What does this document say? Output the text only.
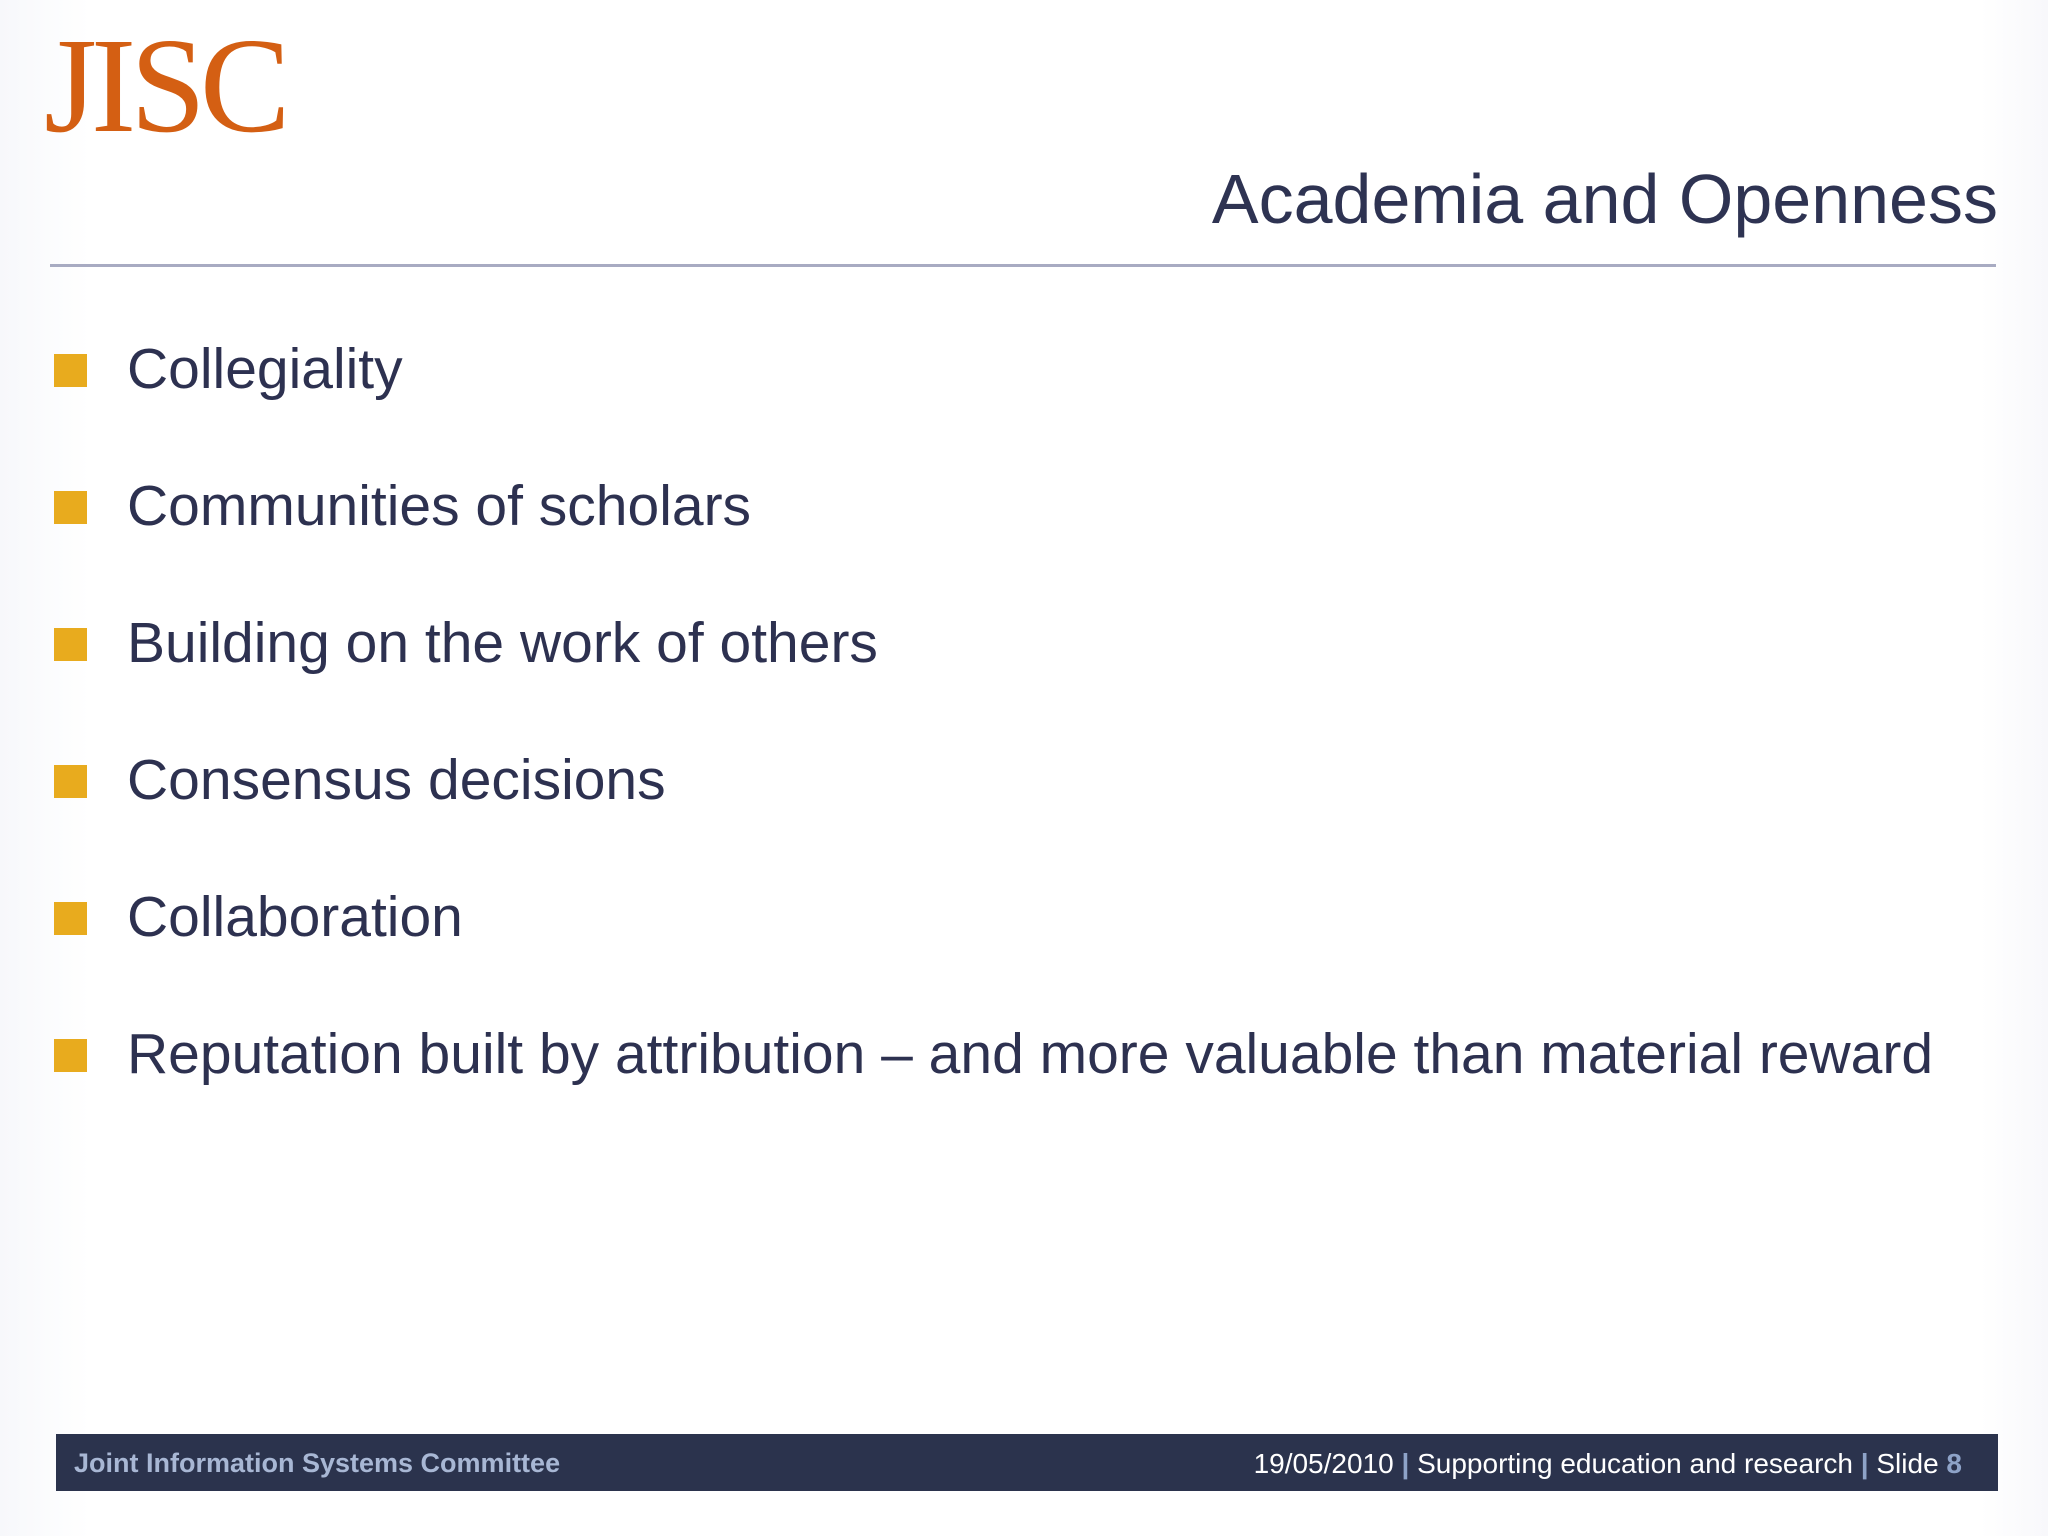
JISC
Academia and Openness
Collegiality
Communities of scholars
Building on the work of others
Consensus decisions
Collaboration
Reputation built by attribution – and more valuable than material reward
Joint Information Systems Committee	19/05/2010 | Supporting education and research | Slide 8
